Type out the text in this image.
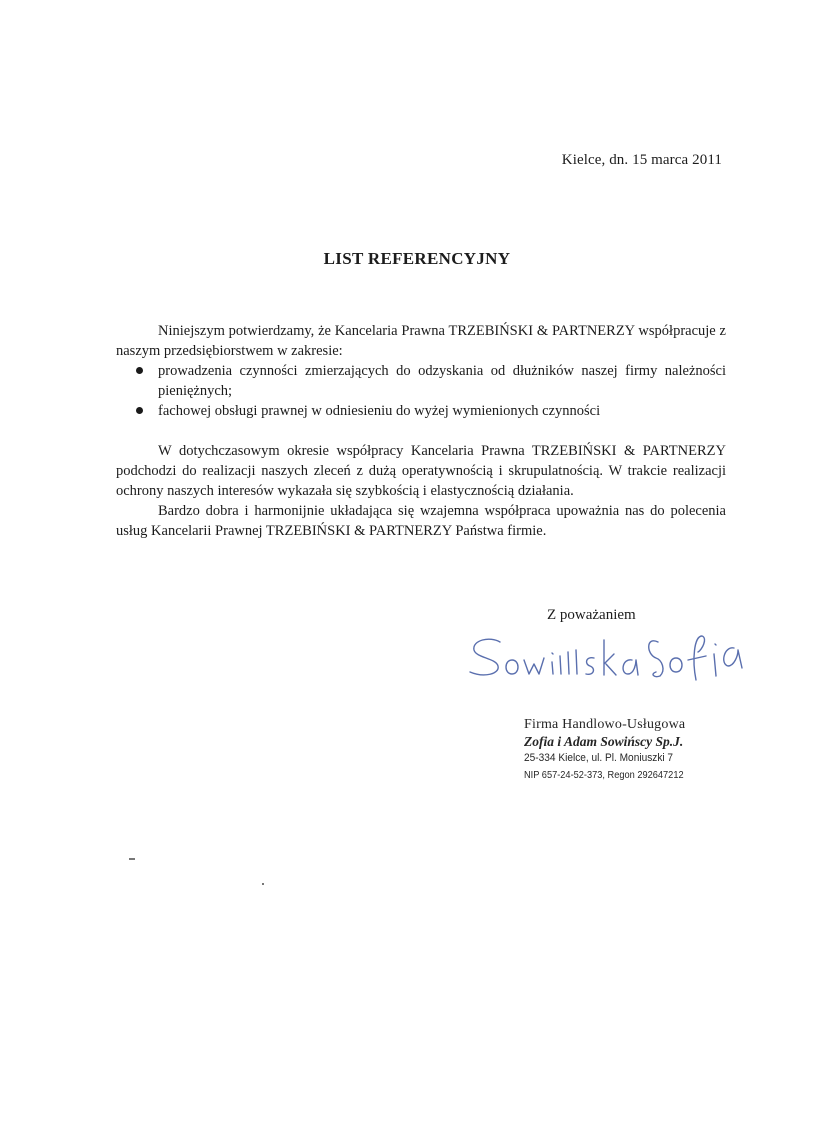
Kielce, dn. 15 marca 2011
LIST REFERENCYJNY

Niniejszym potwierdzamy, że Kancelaria Prawna TRZEBIŃSKI & PARTNERZY współpracuje z naszym przedsiębiorstwem w zakresie:

prowadzenia czynności zmierzających do odzyskania od dłużników naszej firmy należności pieniężnych;
fachowej obsługi prawnej w odniesieniu do wyżej wymienionych czynności

W dotychczasowym okresie współpracy Kancelaria Prawna TRZEBIŃSKI & PARTNERZY podchodzi do realizacji naszych zleceń z dużą operatywnością i skrupulatnością. W trakcie realizacji ochrony naszych interesów wykazała się szybkością i elastycznością działania.

Bardzo dobra i harmonijnie układająca się wzajemna współpraca upoważnia nas do polecenia usług Kancelarii Prawnej TRZEBIŃSKI & PARTNERZY Państwa firmie.

Z poważaniem
Firma Handlowo-Usługowa
Zofia i Adam Sowińscy Sp.J.
25-334 Kielce, ul. Pl. Moniuszki 7
NIP 657-24-52-373, Regon 292647212
